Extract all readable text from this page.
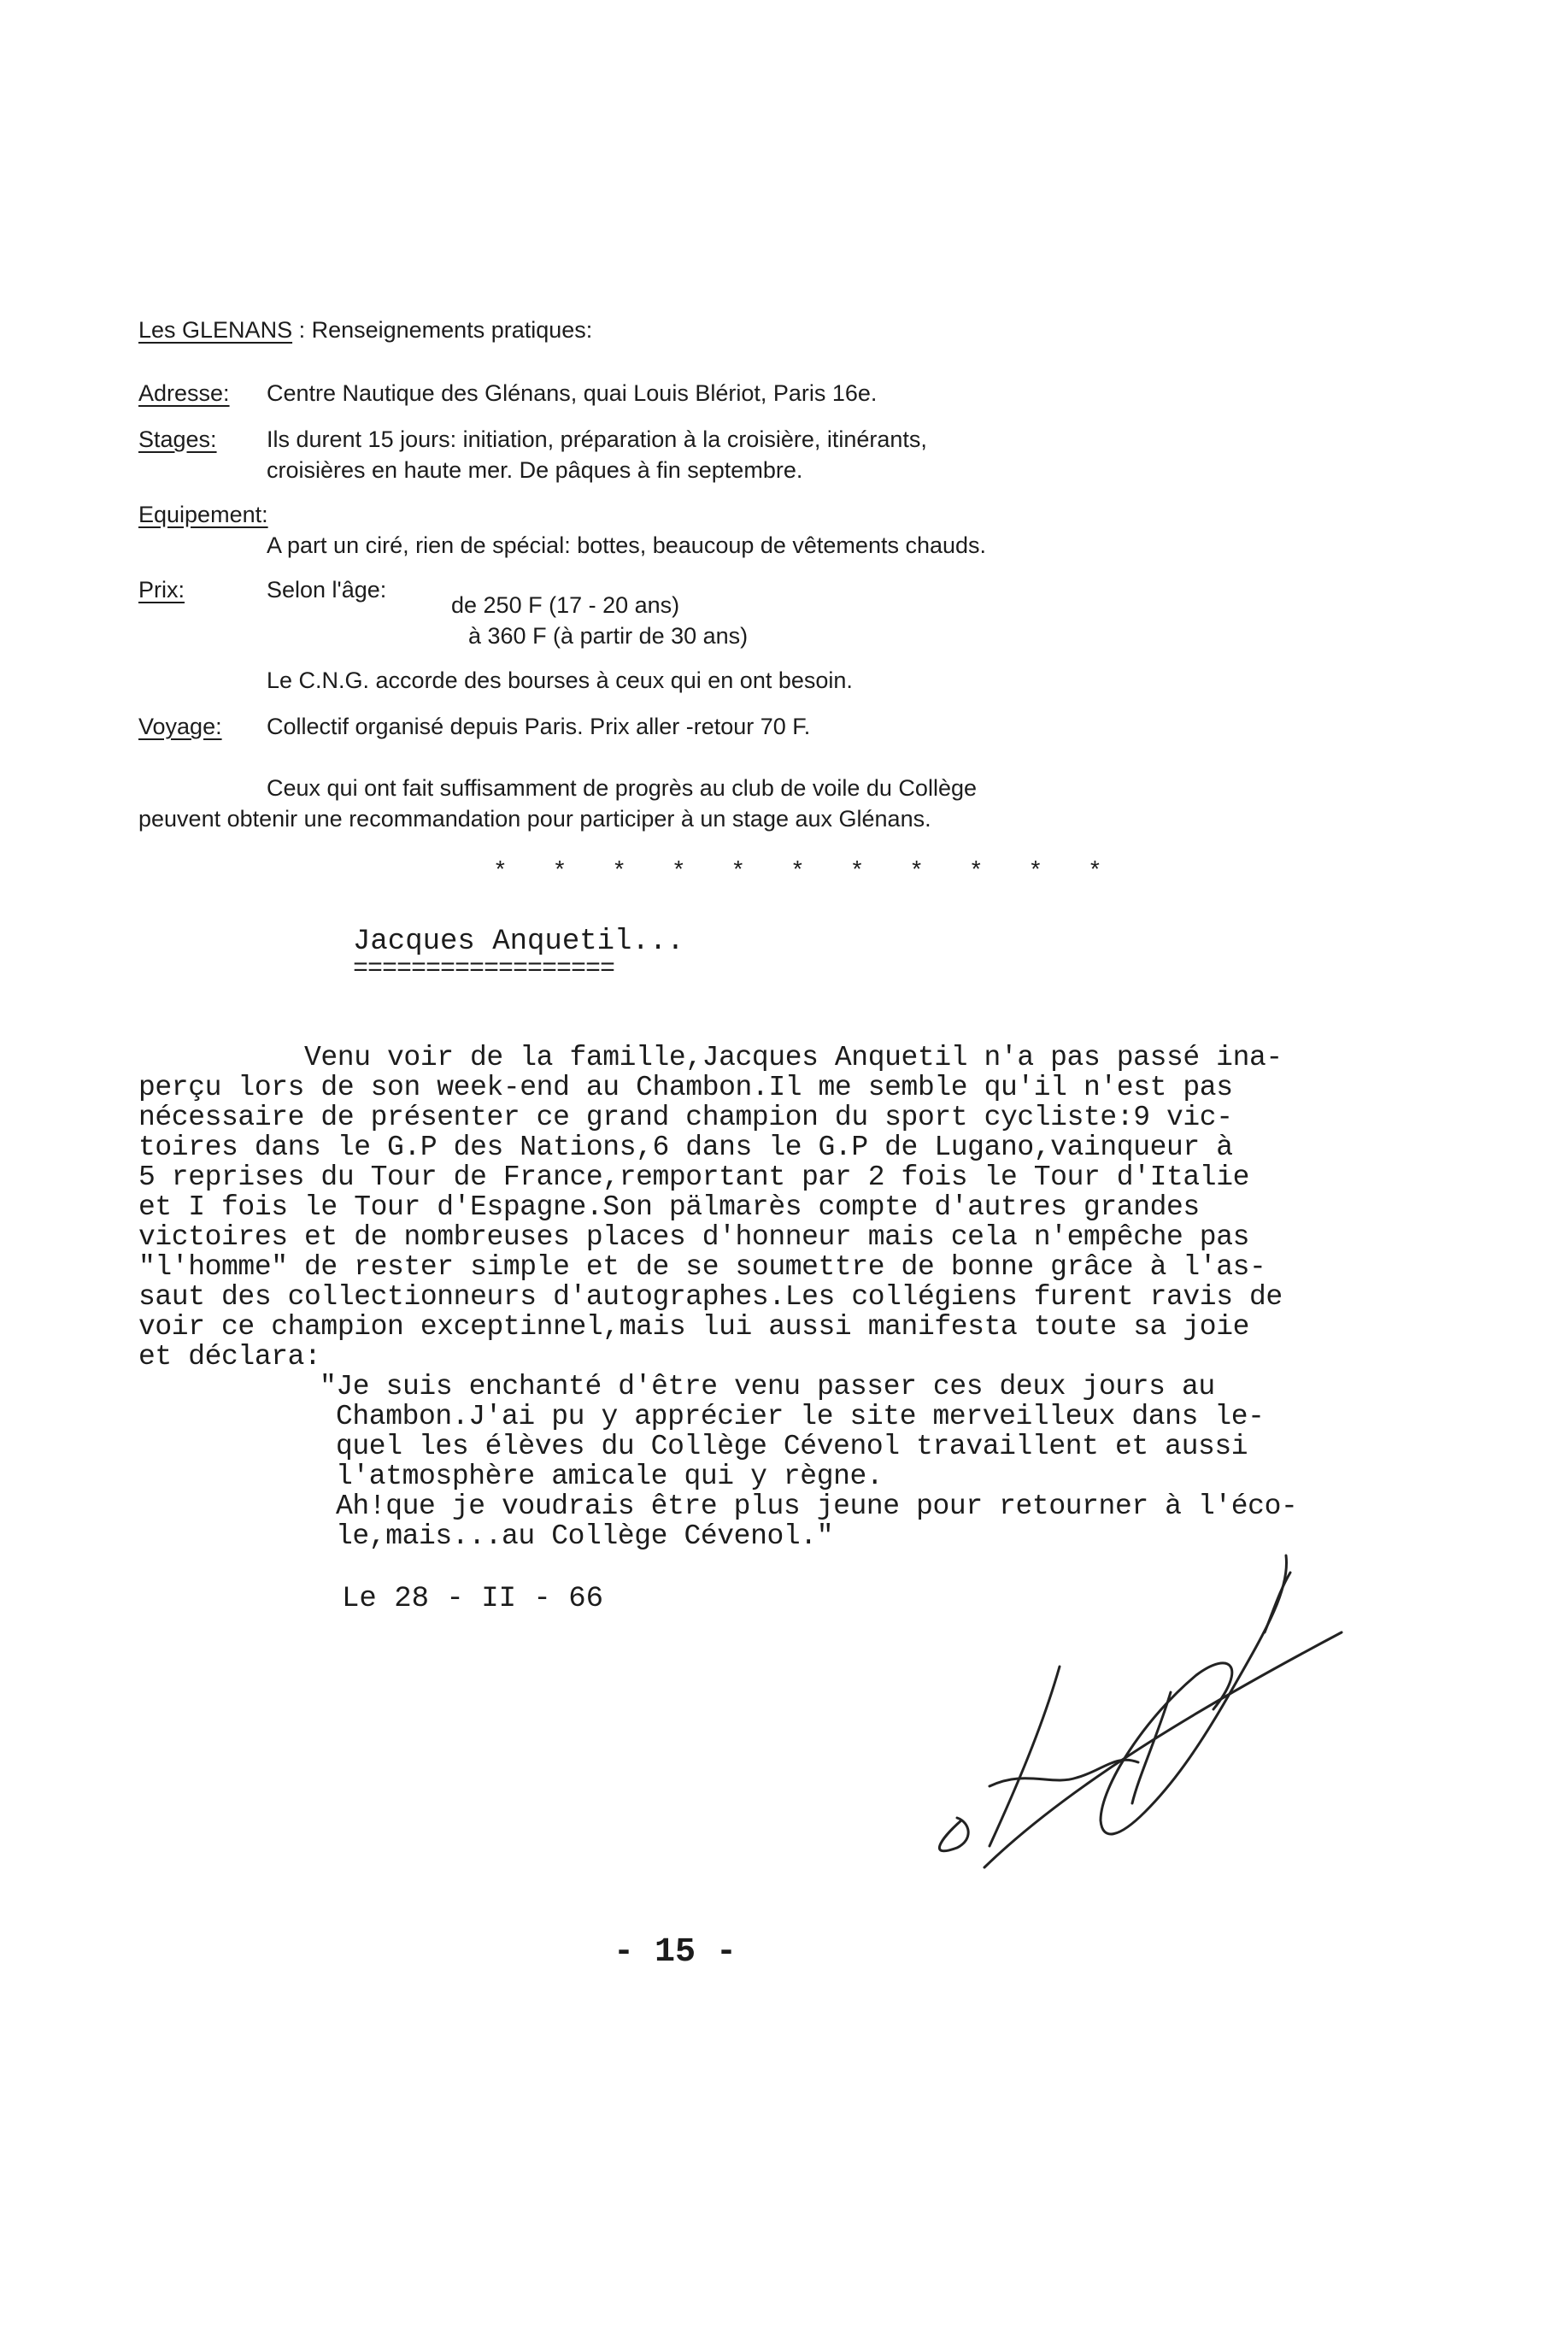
Les GLENANS : Renseignements pratiques:
Adresse: Centre Nautique des Glénans, quai Louis Blériot, Paris 16e.
Stages: Ils durent 15 jours: initiation, préparation à la croisière, itinérants,
croisières en haute mer. De pâques à fin septembre.
Equipement:
A part un ciré, rien de spécial: bottes, beaucoup de vêtements chauds.
Prix:	Selon l'âge:
de 250 F (17 - 20 ans)
à 360 F (à partir de 30 ans)
Le C.N.G. accorde des bourses à ceux qui en ont besoin.
Voyage: Collectif organisé depuis Paris. Prix aller -retour 70 F.
Ceux qui ont fait suffisamment de progrès au club de voile du Collège
peuvent obtenir une recommandation pour participer à un stage aux Glénans.
* * * * * * * * * * *
Jacques Anquetil...
==================
Venu voir de la famille,Jacques Anquetil n'a pas passé ina-
perçu lors de son week-end au Chambon.Il me semble qu'il n'est pas
nécessaire de présenter ce grand champion du sport cycliste:9 vic-
toires dans le G.P des Nations,6 dans le G.P de Lugano,vainqueur à
5 reprises du Tour de France,remportant par 2 fois le Tour d'Italie
et I fois le Tour d'Espagne.Son pälmarès compte d'autres grandes
victoires et de nombreuses places d'honneur mais cela n'empêche pas
"l'homme" de rester simple et de se soumettre de bonne grâce à l'as-
saut des collectionneurs d'autographes.Les collégiens furent ravis de
voir ce champion exceptinnel,mais lui aussi manifesta toute sa joie
et déclara:
"Je suis enchanté d'être venu passer ces deux jours au
Chambon.J'ai pu y apprécier le site merveilleux dans le-
quel les élèves du Collège Cévenol travaillent et aussi
l'atmosphère amicale qui y règne.
Ah!que je voudrais être plus jeune pour retourner à l'éco-
le,mais...au Collège Cévenol."
Le 28 - II - 66
- 15 -
